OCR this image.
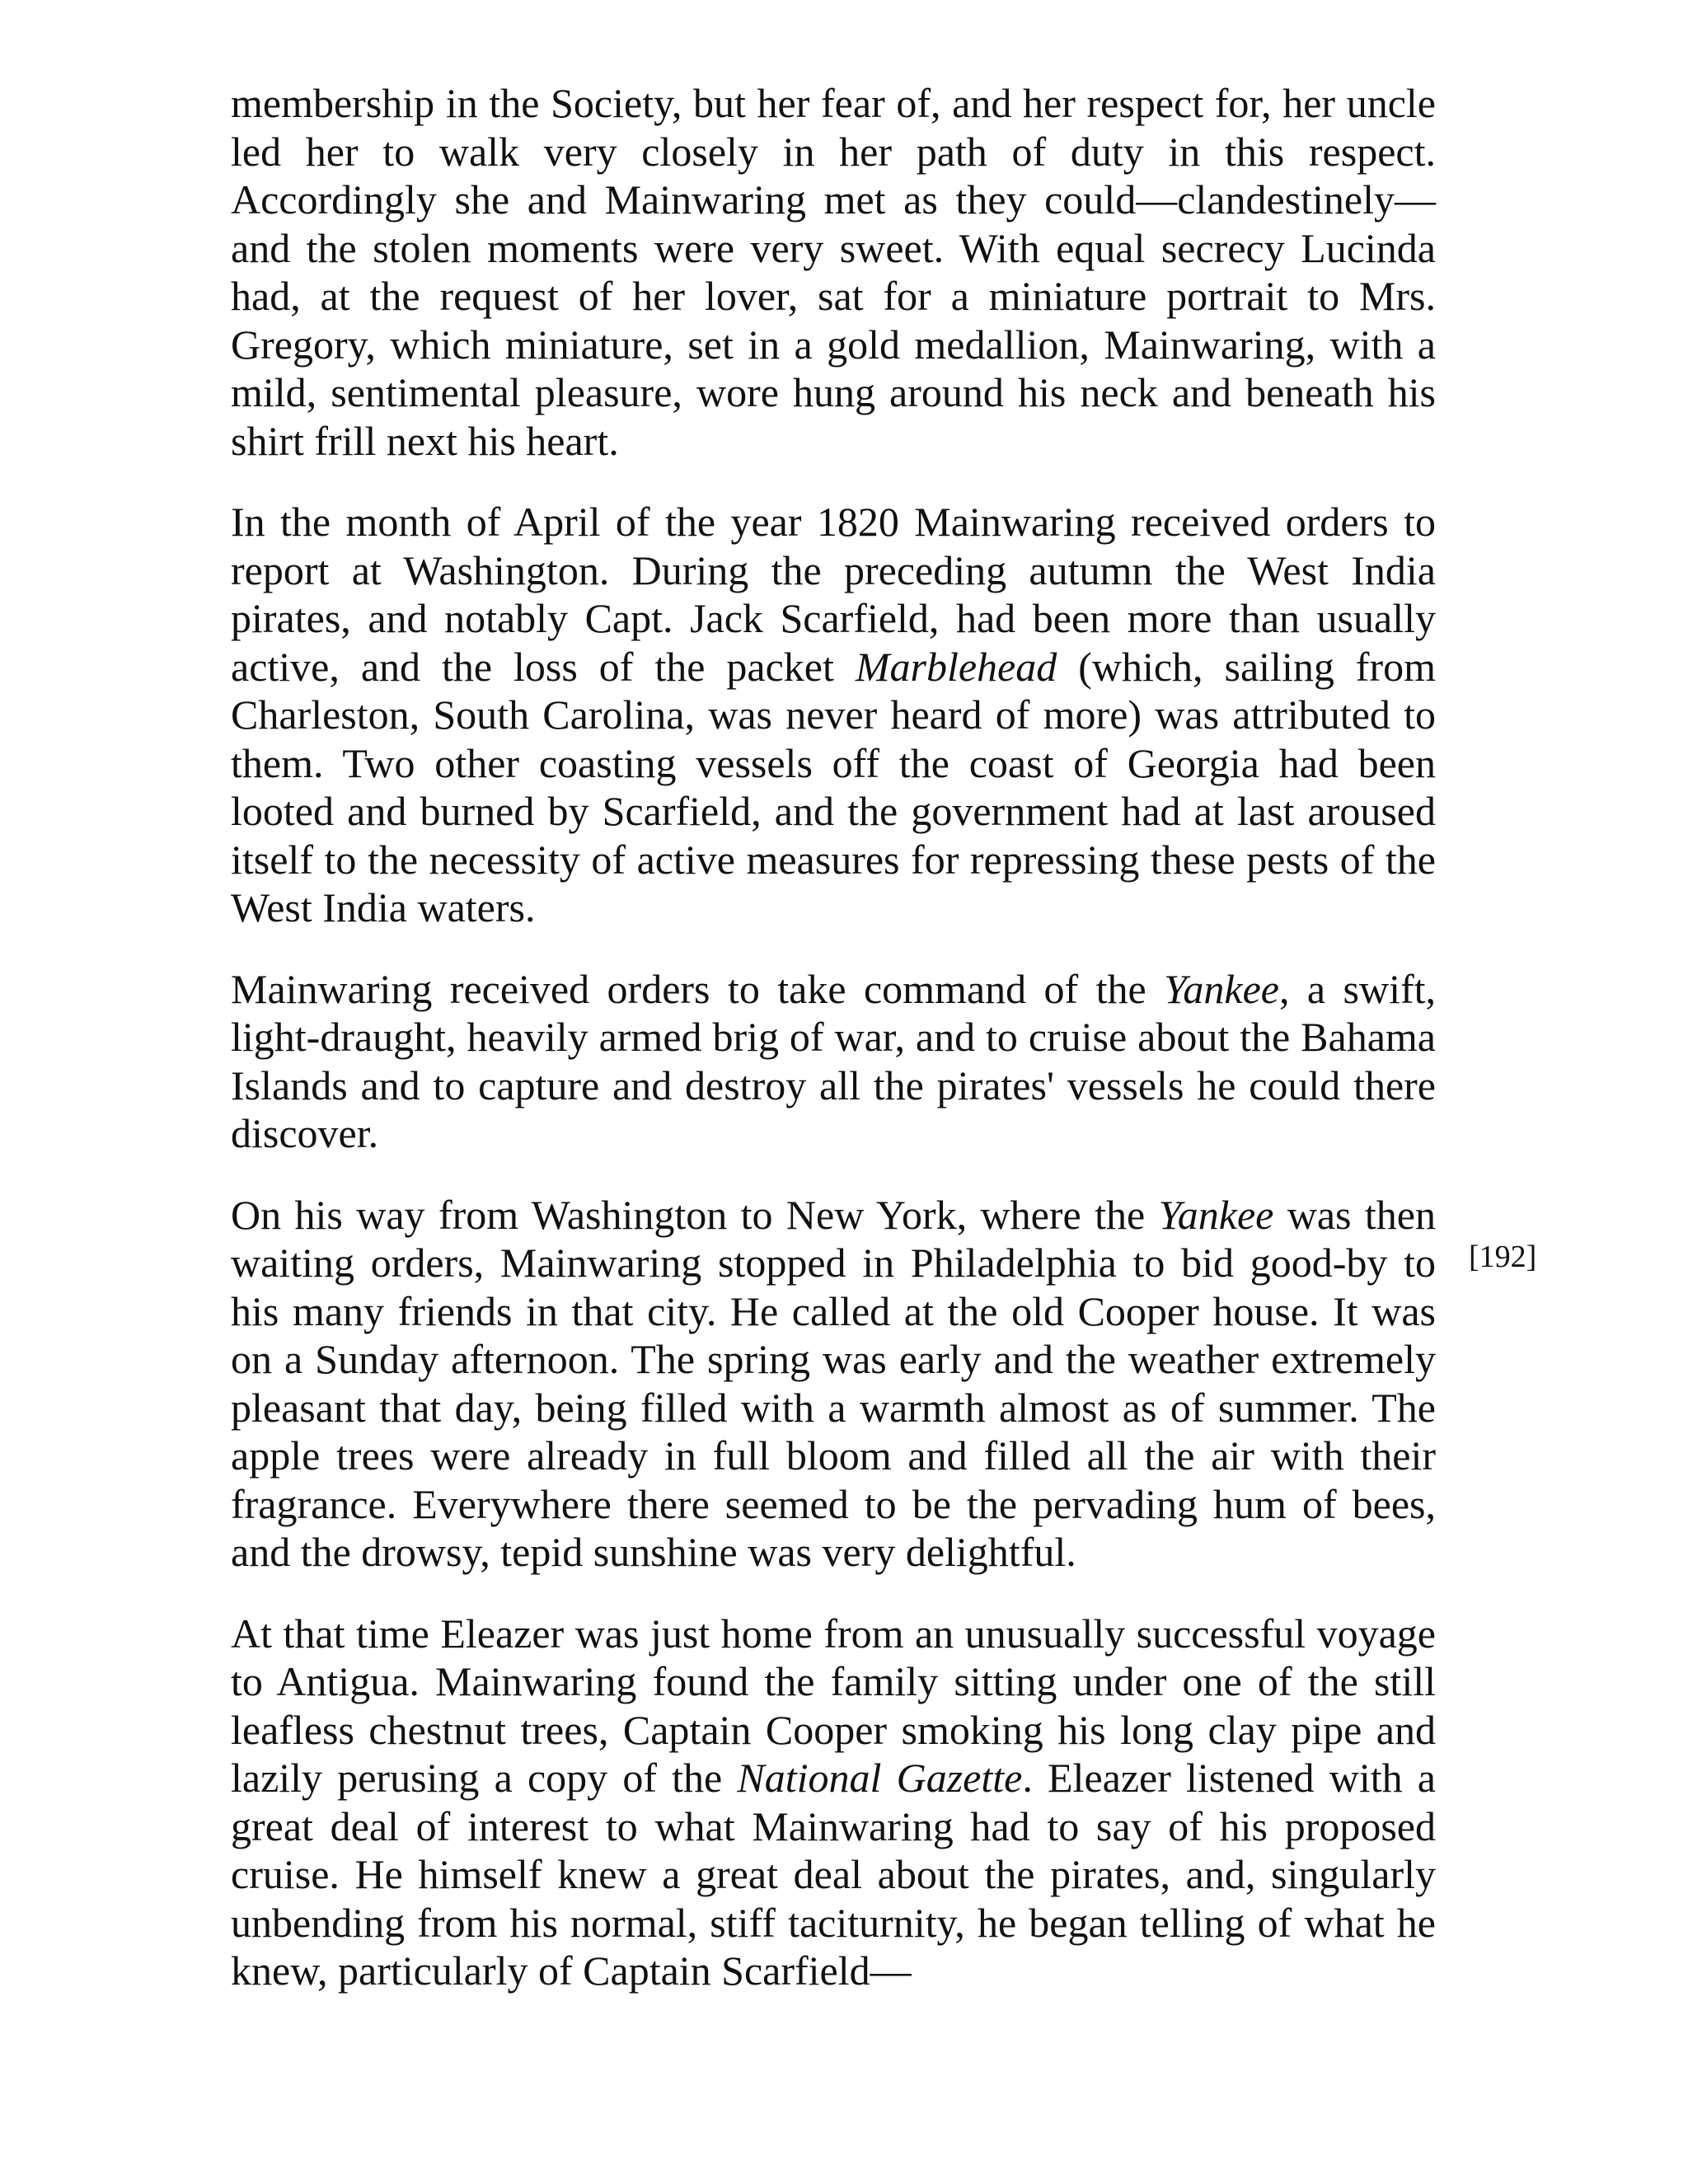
membership in the Society, but her fear of, and her respect for, her uncle led her to walk very closely in her path of duty in this respect. Accordingly she and Mainwaring met as they could—clandestinely—and the stolen moments were very sweet. With equal secrecy Lucinda had, at the request of her lover, sat for a miniature portrait to Mrs. Gregory, which miniature, set in a gold medallion, Mainwaring, with a mild, sentimental pleasure, wore hung around his neck and beneath his shirt frill next his heart.

In the month of April of the year 1820 Mainwaring received orders to report at Washington. During the preceding autumn the West India pirates, and notably Capt. Jack Scarfield, had been more than usually active, and the loss of the packet Marblehead (which, sailing from Charleston, South Carolina, was never heard of more) was attributed to them. Two other coasting vessels off the coast of Georgia had been looted and burned by Scarfield, and the government had at last aroused itself to the necessity of active measures for repressing these pests of the West India waters.

Mainwaring received orders to take command of the Yankee, a swift, light-draught, heavily armed brig of war, and to cruise about the Bahama Islands and to capture and destroy all the pirates' vessels he could there discover.

On his way from Washington to New York, where the Yankee was then waiting orders, Mainwaring stopped in Philadelphia to bid good-by to his many friends in that city. He called at the old Cooper house. It was on a Sunday afternoon. The spring was early and the weather extremely pleasant that day, being filled with a warmth almost as of summer. The apple trees were already in full bloom and filled all the air with their fragrance. Everywhere there seemed to be the pervading hum of bees, and the drowsy, tepid sunshine was very delightful.

At that time Eleazer was just home from an unusually successful voyage to Antigua. Mainwaring found the family sitting under one of the still leafless chestnut trees, Captain Cooper smoking his long clay pipe and lazily perusing a copy of the National Gazette. Eleazer listened with a great deal of interest to what Mainwaring had to say of his proposed cruise. He himself knew a great deal about the pirates, and, singularly unbending from his normal, stiff taciturnity, he began telling of what he knew, particularly of Captain Scarfield—

[192]
